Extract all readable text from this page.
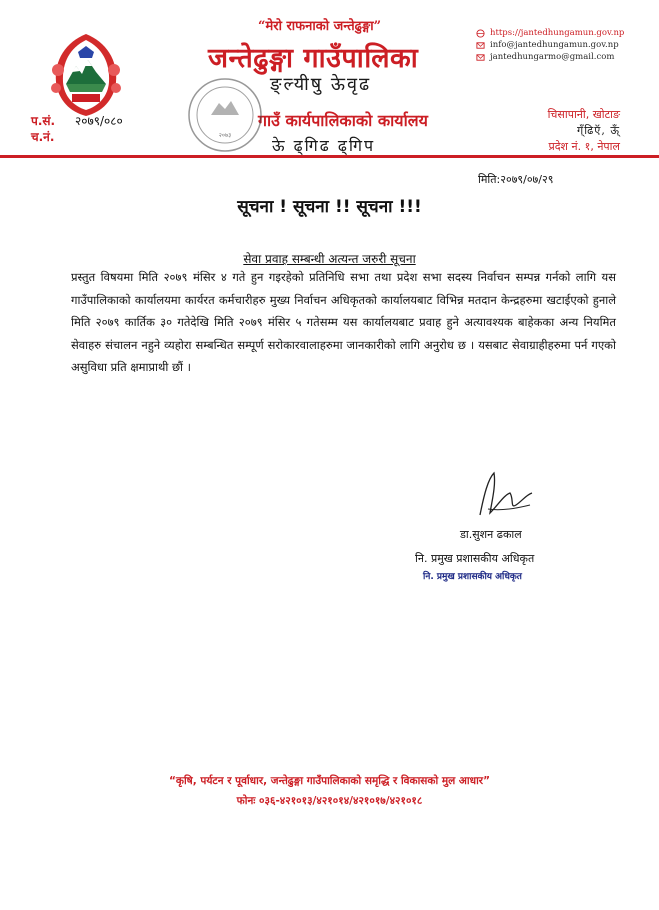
“मेरो राफनाको जन्तेढुङ्गा”
जन्तेढुङ्गा गाउँपालिका
ङ्ल्यीषु ऊेवृढ
गाउँ कार्यपालिकाको कार्यालय
ऊे ढ्गिढ ढ्गिप
२०७३
https://jantedhungamun.gov.np
info@jantedhungamun.gov.np
jantedhungarmo@gmail.com
प.सं. २०७९/०८०
च.नं.
चिसापानी, खोटाङ
ग्ँढिऍ, ऊ्ँ
प्रदेश नं. १, नेपाल
मिति:२०७९/०७/२९
सूचना ! सूचना !! सूचना !!!
सेवा प्रवाह सम्बन्धी अत्यन्त जरुरी सूचना
प्रस्तुत विषयमा मिति २०७९ मंसिर ४ गते हुन गइरहेको प्रतिनिधि सभा तथा प्रदेश सभा सदस्य निर्वाचन सम्पन्न गर्नको लागि यस गाउँपालिकाको कार्यालयमा कार्यरत कर्मचारीहरु मुख्य निर्वाचन अधिकृतको कार्यालयबाट विभिन्न मतदान केन्द्रहरुमा खटाईएको हुनाले मिति २०७९ कार्तिक ३० गतेदेखि मिति २०७९ मंसिर ५ गतेसम्म यस कार्यालयबाट प्रवाह हुने अत्यावश्यक बाहेकका अन्य नियमित सेवाहरु संचालन नहुने व्यहोरा सम्बन्धित सम्पूर्ण सरोकारवालाहरुमा जानकारीको लागि अनुरोध छ । यसबाट सेवाग्राहीहरुमा पर्न गएको असुविधा प्रति क्षमाप्राथी छौं ।
डा.सुशन ढकाल
नि. प्रमुख प्रशासकीय अधिकृत
नि. प्रमुख प्रशासकीय अधिकृत
“कृषि, पर्यटन र पूर्वाधार, जन्तेढुङ्गा गाउँपालिकाको समृद्धि र विकासको मुल आधार”
फोनः ०३६-४२१०१३/४२१०१४/४२१०१७/४२१०१८
